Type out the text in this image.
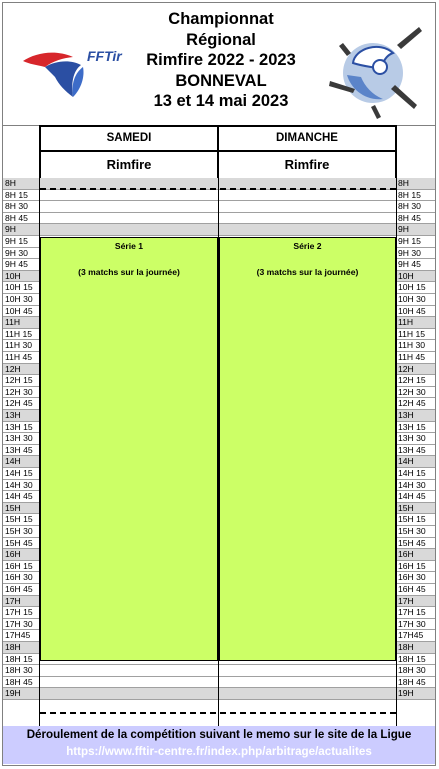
FFTir
Championnat
Régional
Rimfire 2022 - 2023
BONNEVAL
13 et 14 mai 2023
SAMEDI	DIMANCHE
Rimfire	Rimfire
8H	8H
8H 15	8H 15
8H 30	8H 30
8H 45	8H 45
9H	9H
9H 15	9H 15
9H 30	9H 30
9H 45	9H 45
10H	10H
10H 15	10H 15
10H 30	10H 30
10H 45	10H 45
11H	11H
11H 15	11H 15
11H 30	11H 30
11H 45	11H 45
12H	12H
12H 15	12H 15
12H 30	12H 30
12H 45	12H 45
13H	13H
13H 15	13H 15
13H 30	13H 30
13H 45	13H 45
14H	14H
14H 15	14H 15
14H 30	14H 30
14H 45	14H 45
15H	15H
15H 15	15H 15
15H 30	15H 30
15H 45	15H 45
16H	16H
16H 15	16H 15
16H 30	16H 30
16H 45	16H 45
17H	17H
17H 15	17H 15
17H 30	17H 30
17H45	17H45
18H	18H
18H 15	18H 15
18H 30	18H 30
18H 45	18H 45
19H	19H
Série 1
(3 matchs sur la journée)
Série 2
(3 matchs sur la journée)
Déroulement de la compétition suivant le memo sur le site de la Ligue
https://www.fftir-centre.fr/index.php/arbitrage/actualites
